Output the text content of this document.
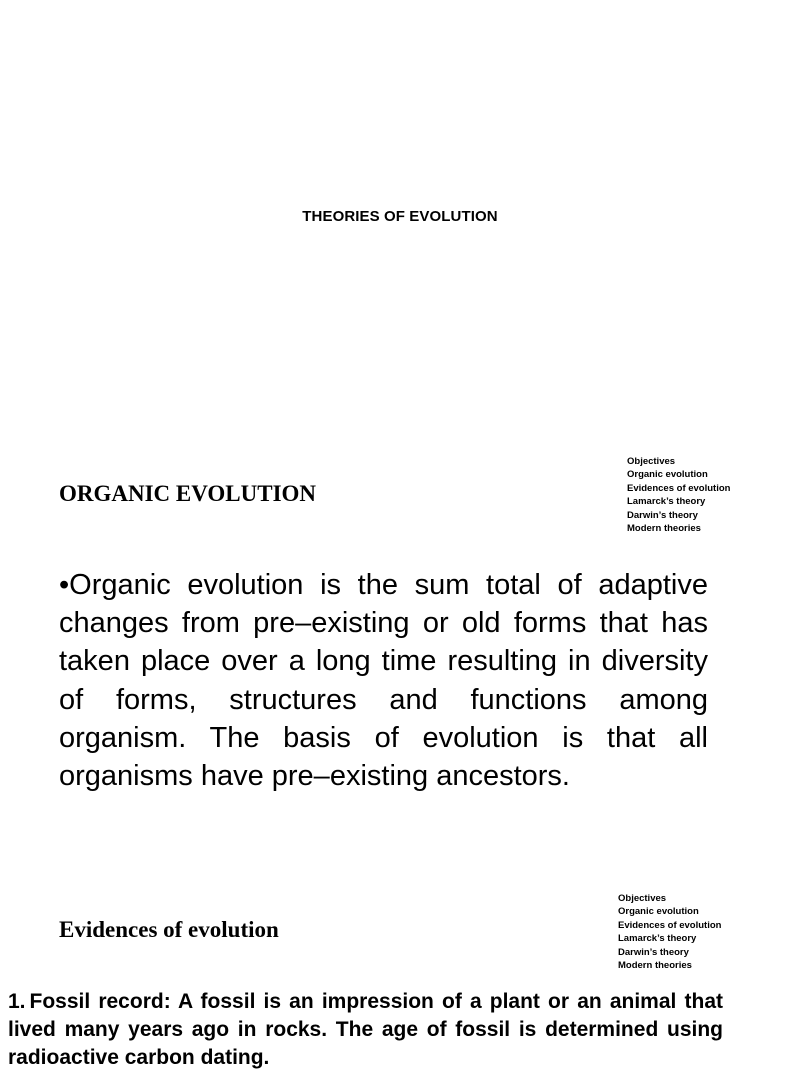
THEORIES OF EVOLUTION
Objectives
Organic evolution
Evidences of evolution
Lamarck’s theory
Darwin’s theory
Modern theories
ORGANIC EVOLUTION

•Organic evolution is the sum total of adaptive changes from pre–existing or old forms that has taken place over a long time resulting in diversity of forms, structures and functions among organism. The basis of evolution is that all organisms have pre–existing ancestors.

Objectives
Organic evolution
Evidences of evolution
Lamarck’s theory
Darwin’s theory
Modern theories
Evidences of evolution

1. Fossil record: A fossil is an impression of a plant or an animal that lived many years ago in rocks. The age of fossil is determined using radioactive carbon dating.
